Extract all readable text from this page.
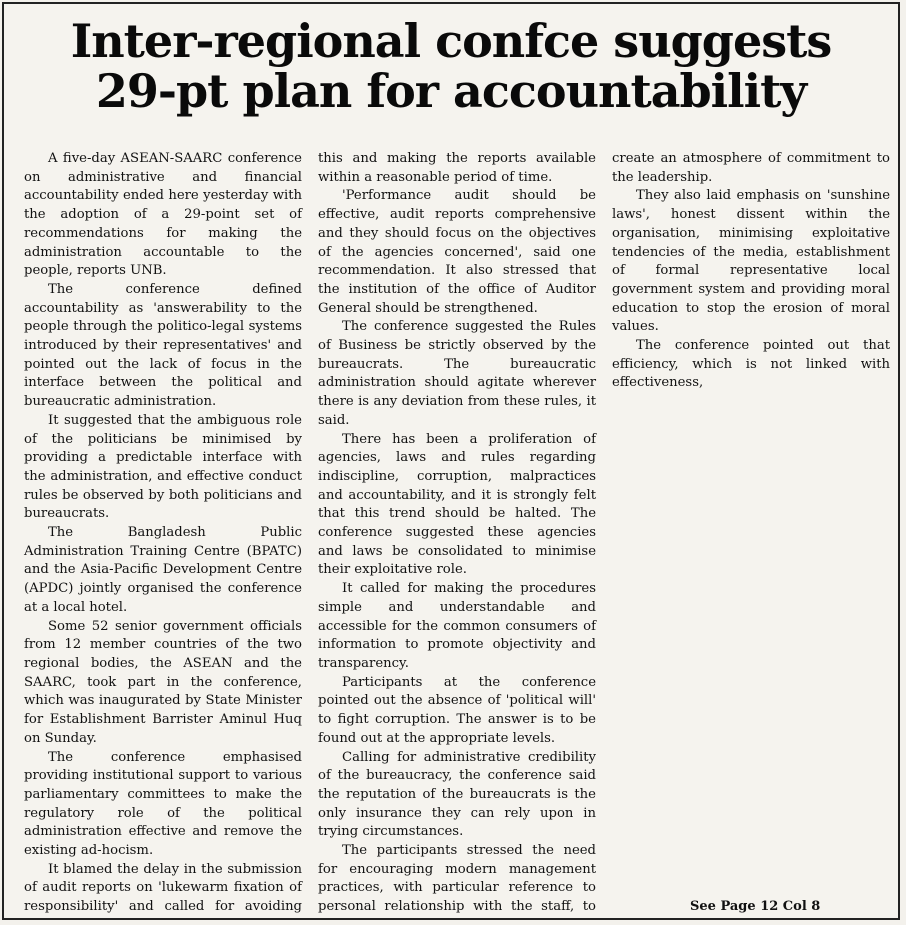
Inter-regional confce suggests
29-pt plan for accountability

A five-day ASEAN-SAARC conference on administrative and financial accountability ended here yesterday with the adoption of a 29-point set of recommendations for making the administration accountable to the people, reports UNB.

The conference defined accountability as 'answerability to the people through the politico-legal systems introduced by their representatives' and pointed out the lack of focus in the interface between the political and bureaucratic administration.

It suggested that the ambiguous role of the politicians be minimised by providing a predictable interface with the administration, and effective conduct rules be observed by both politicians and bureaucrats.

The Bangladesh Public Administration Training Centre (BPATC) and the Asia-Pacific Development Centre (APDC) jointly organised the conference at a local hotel.

Some 52 senior government officials from 12 member countries of the two regional bodies, the ASEAN and the SAARC, took part in the conference, which was inaugurated by State Minister for Establishment Barrister Aminul Huq on Sunday.

The conference emphasised providing institutional support to various parliamentary committees to make the regulatory role of the political administration effective and remove the existing ad-hocism.

It blamed the delay in the submission of audit reports on 'lukewarm fixation of responsibility' and called for avoiding this and making the reports available within a reasonable period of time.

'Performance audit should be effective, audit reports comprehensive and they should focus on the objectives of the agencies concerned', said one recommendation. It also stressed that the institution of the office of Auditor General should be strengthened.

The conference suggested the Rules of Business be strictly observed by the bureaucrats. The bureaucratic administration should agitate wherever there is any deviation from these rules, it said.

There has been a proliferation of agencies, laws and rules regarding indiscipline, corruption, malpractices and accountability, and it is strongly felt that this trend should be halted. The conference suggested these agencies and laws be consolidated to minimise their exploitative role.

It called for making the procedures simple and understandable and accessible for the common consumers of information to promote objectivity and transparency.

Participants at the conference pointed out the absence of 'political will' to fight corruption. The answer is to be found out at the appropriate levels.

Calling for administrative credibility of the bureaucracy, the conference said the reputation of the bureaucrats is the only insurance they can rely upon in trying circumstances.

The participants stressed the need for encouraging modern management practices, with particular reference to personal relationship with the staff, to create an atmosphere of commitment to the leadership.

They also laid emphasis on 'sunshine laws', honest dissent within the organisation, minimising exploitative tendencies of the media, establishment of formal representative local government system and providing moral education to stop the erosion of moral values.

The conference pointed out that efficiency, which is not linked with effectiveness,

See Page 12 Col 8
